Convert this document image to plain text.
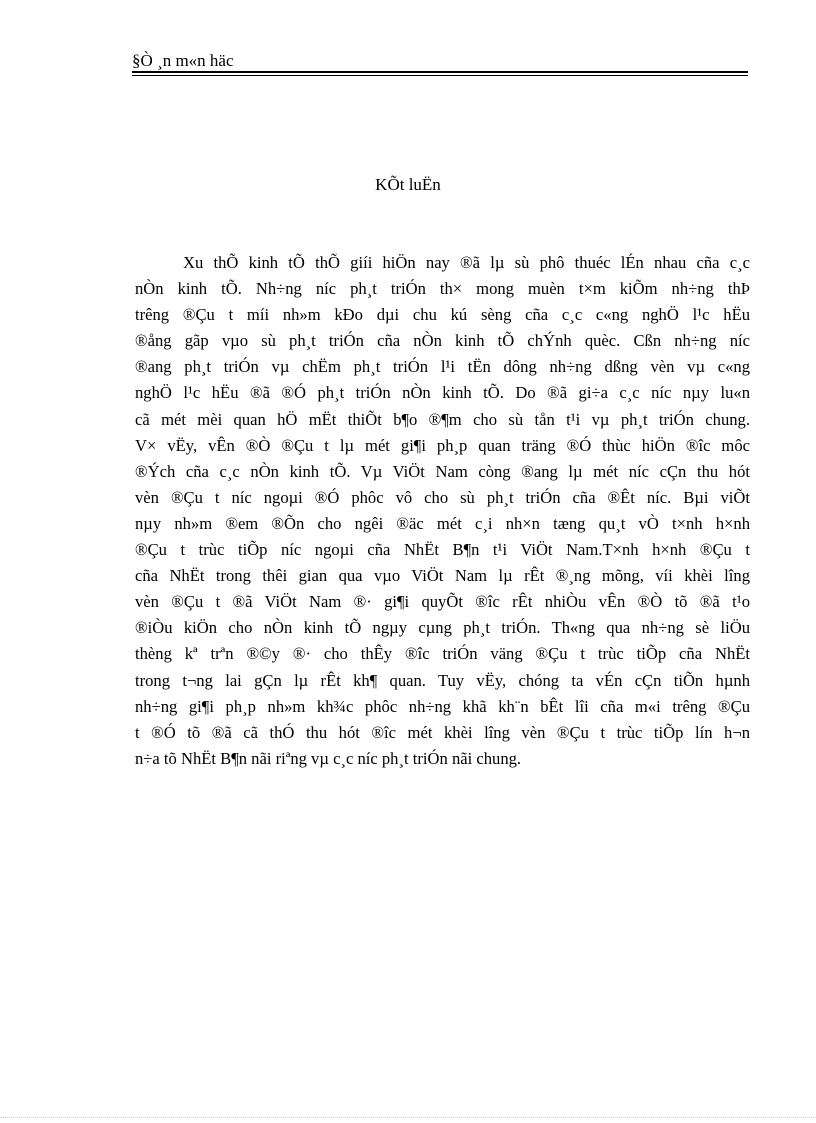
§Ò ¸n m«n häc
KÕt luËn
Xu thÕ kinh tÕ thÕ giíi hiÖn nay ®ã lµ sù phô thuéc lÉn nhau cña c¸c
nÒn kinh tÕ. Nh÷ng níc ph¸t triÓn th× mong muèn t×m kiÕm nh÷ng thÞ
trêng ®Çu t míi nh»m kÐo dµi chu kú sèng cña c¸c c«ng nghÖ l¹c hËu
®ång gãp vµo sù ph¸t triÓn cña nÒn kinh tÕ chÝnh quèc. Cßn nh÷ng níc
®ang ph¸t triÓn vµ chËm ph¸t triÓn l¹i tËn dông nh÷ng dßng vèn vµ c«ng
nghÖ l¹c hËu ®ã ®Ó ph¸t triÓn nÒn kinh tÕ. Do ®ã gi÷a c¸c níc nµy lu«n
cã mét mèi quan hÖ mËt thiÕt b¶o ®¶m cho sù tån t¹i vµ ph¸t triÓn chung.
V× vËy, vÊn ®Ò ®Çu t lµ mét gi¶i ph¸p quan träng ®Ó thùc hiÖn ®îc môc
®Ých cña c¸c nÒn kinh tÕ. Vµ ViÖt Nam còng ®ang lµ mét níc cÇn thu hót
vèn ®Çu t níc ngoµi ®Ó phôc vô cho sù ph¸t triÓn cña ®Êt níc. Bµi viÕt
nµy nh»m ®em ®Õn cho ngêi ®äc mét c¸i nh×n tæng qu¸t vÒ t×nh h×nh
®Çu t trùc tiÕp níc ngoµi cña NhËt B¶n t¹i ViÖt Nam.T×nh h×nh ®Çu t
cña NhËt trong thêi gian qua vµo ViÖt Nam lµ rÊt ®¸ng mõng, víi khèi lîng
vèn ®Çu t ®ã ViÖt Nam ®· gi¶i quyÕt ®îc rÊt nhiÒu vÊn ®Ò tõ ®ã t¹o
®iÒu kiÖn cho nÒn kinh tÕ ngµy cµng ph¸t triÓn. Th«ng qua nh÷ng sè liÖu
thèng kª trªn ®©y ®· cho thÊy ®îc triÓn väng ®Çu t trùc tiÕp cña NhËt
trong t¬ng lai gÇn lµ rÊt kh¶ quan. Tuy vËy, chóng ta vÉn cÇn tiÕn hµnh
nh÷ng gi¶i ph¸p nh»m kh¾c phôc nh÷ng khã kh¨n bÊt lîi cña m«i trêng ®Çu
t ®Ó tõ ®ã cã thÓ thu hót ®îc mét khèi lîng vèn ®Çu t trùc tiÕp lín h¬n
n÷a tõ NhËt B¶n nãi riªng vµ c¸c níc ph¸t triÓn nãi chung.
